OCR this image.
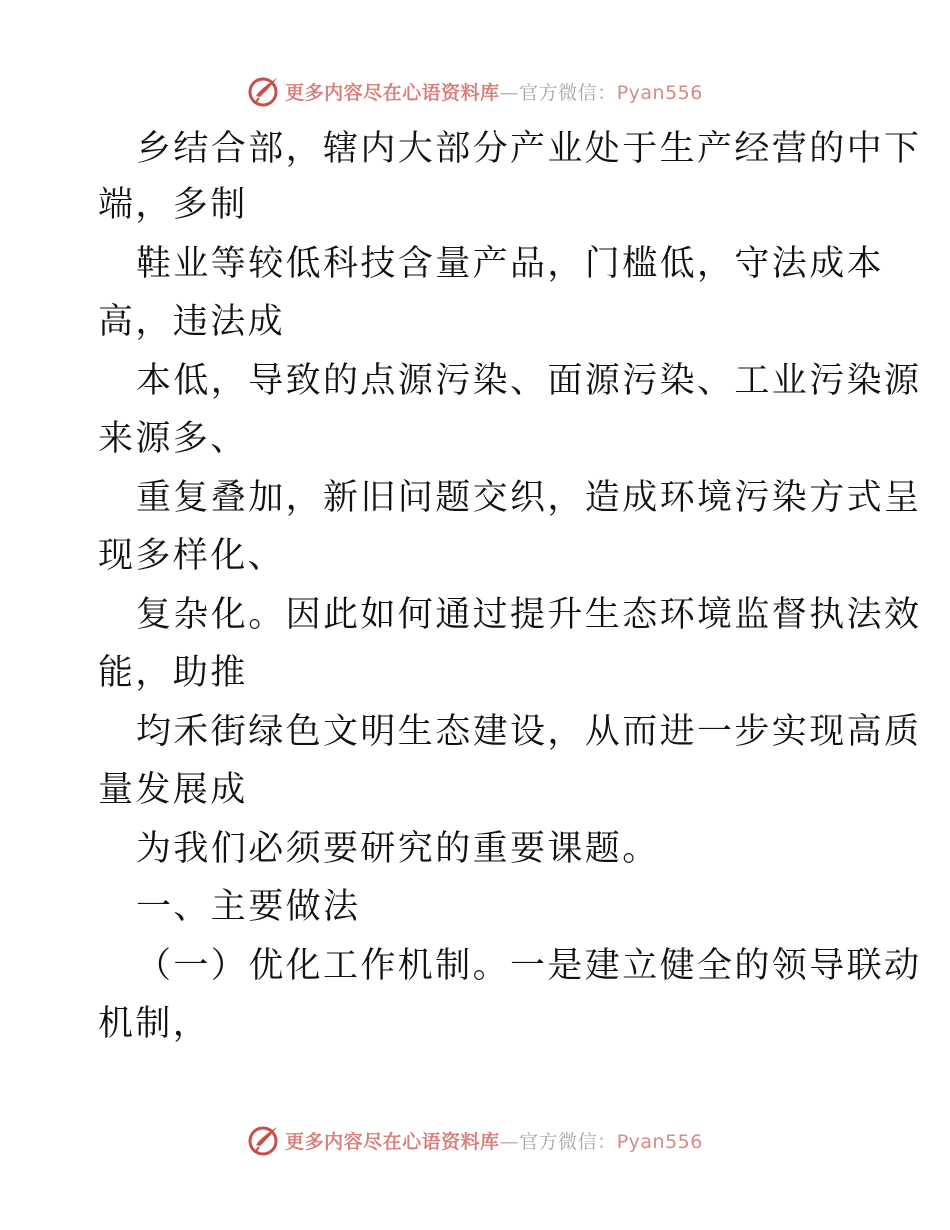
更多内容尽在心语资料库—官方微信：Pyan556
乡结合部，辖内大部分产业处于生产经营的中下
端，多制
鞋业等较低科技含量产品，门槛低，守法成本
高，违法成
本低，导致的点源污染、面源污染、工业污染源
来源多、
重复叠加，新旧问题交织，造成环境污染方式呈
现多样化、
复杂化。因此如何通过提升生态环境监督执法效
能，助推
均禾街绿色文明生态建设，从而进一步实现高质
量发展成
为我们必须要研究的重要课题。
一、主要做法
（一）优化工作机制。一是建立健全的领导联动
机制，
更多内容尽在心语资料库—官方微信：Pyan556
